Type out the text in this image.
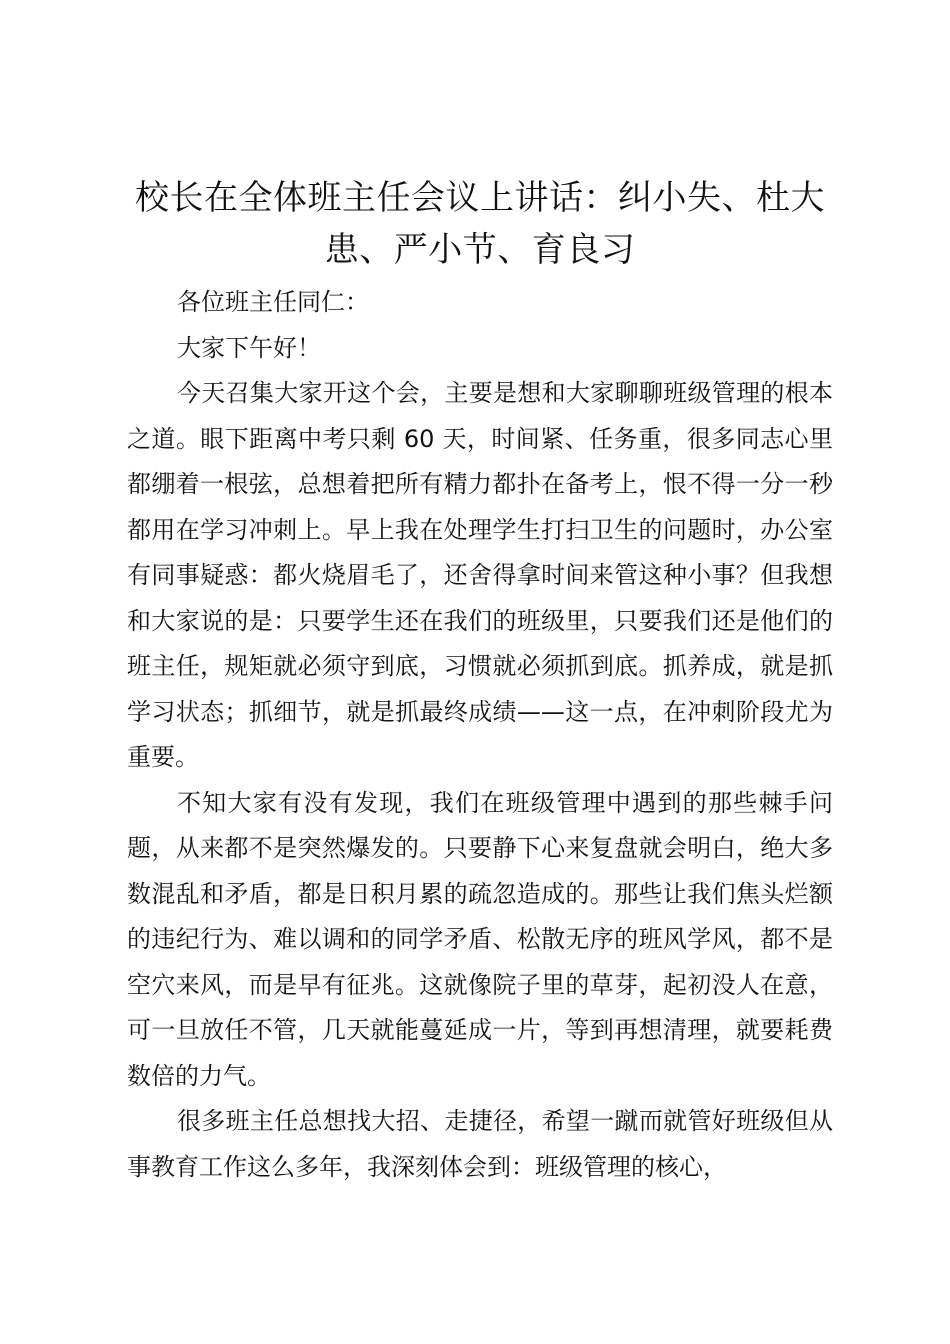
校长在全体班主任会议上讲话：纠小失、杜大患、严小节、育良习

各位班主任同仁：

大家下午好！

今天召集大家开这个会，主要是想和大家聊聊班级管理的根本之道。眼下距离中考只剩 60 天，时间紧、任务重，很多同志心里都绷着一根弦，总想着把所有精力都扑在备考上，恨不得一分一秒都用在学习冲刺上。早上我在处理学生打扫卫生的问题时，办公室有同事疑惑：都火烧眉毛了，还舍得拿时间来管这种小事？但我想和大家说的是：只要学生还在我们的班级里，只要我们还是他们的班主任，规矩就必须守到底，习惯就必须抓到底。抓养成，就是抓学习状态；抓细节，就是抓最终成绩——这一点，在冲刺阶段尤为重要。

不知大家有没有发现，我们在班级管理中遇到的那些棘手问题，从来都不是突然爆发的。只要静下心来复盘就会明白，绝大多数混乱和矛盾，都是日积月累的疏忽造成的。那些让我们焦头烂额的违纪行为、难以调和的同学矛盾、松散无序的班风学风，都不是空穴来风，而是早有征兆。这就像院子里的草芽，起初没人在意，可一旦放任不管，几天就能蔓延成一片，等到再想清理，就要耗费数倍的力气。

很多班主任总想找大招、走捷径，希望一蹴而就管好班级但从事教育工作这么多年，我深刻体会到：班级管理的核心，
